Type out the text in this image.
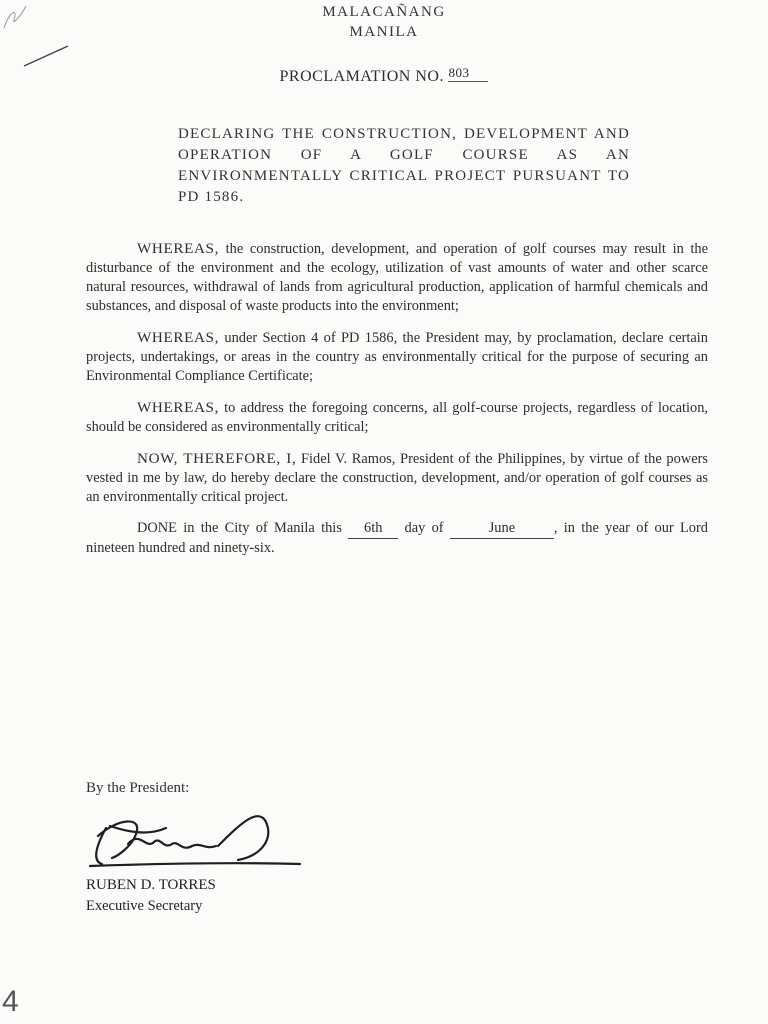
MALACAÑANG
MANILA
PROCLAMATION NO. 803
DECLARING THE CONSTRUCTION, DEVELOPMENT AND OPERATION OF A GOLF COURSE AS AN ENVIRONMENTALLY CRITICAL PROJECT PURSUANT TO PD 1586.

WHEREAS, the construction, development, and operation of golf courses may result in the disturbance of the environment and the ecology, utilization of vast amounts of water and other scarce natural resources, withdrawal of lands from agricultural production, application of harmful chemicals and substances, and disposal of waste products into the environment;

WHEREAS, under Section 4 of PD 1586, the President may, by proclamation, declare certain projects, undertakings, or areas in the country as environmentally critical for the purpose of securing an Environmental Compliance Certificate;

WHEREAS, to address the foregoing concerns, all golf-course projects, regardless of location, should be considered as environmentally critical;

NOW, THEREFORE, I, Fidel V. Ramos, President of the Philippines, by virtue of the powers vested in me by law, do hereby declare the construction, development, and/or operation of golf courses as an environmentally critical project.

DONE in the City of Manila this 6th day of	June	, in the year of our Lord nineteen hundred and ninety-six.

By the President:
RUBEN D. TORRES
Executive Secretary
4
